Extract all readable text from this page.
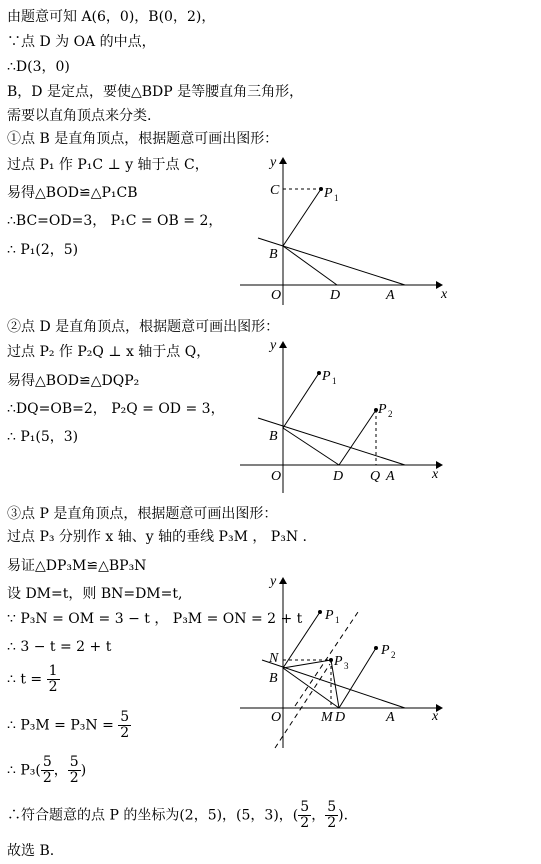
由题意可知 A(6，0)，B(0，2)，
∵点 D 为 OA 的中点，
∴D(3，0)
B，D 是定点，要使△BDP 是等腰直角三角形，
需要以直角顶点来分类.
①点 B 是直角顶点，根据题意可画出图形：
过点 P₁ 作 P₁C ⊥ y 轴于点 C，
易得△BOD≌△P₁CB
∴BC=OD=3， P₁C = OB = 2，
∴ P₁(2，5)
②点 D 是直角顶点，根据题意可画出图形：
过点 P₂ 作 P₂Q ⊥ x 轴于点 Q，
易得△BOD≌△DQP₂
∴DQ=OB=2， P₂Q = OD = 3，
∴ P₁(5，3)
③点 P 是直角顶点，根据题意可画出图形：
过点 P₃ 分别作 x 轴、y 轴的垂线 P₃M ， P₃N .
易证△DP₃M≌△BP₃N
设 DM=t，则 BN=DM=t,
∵ P₃N = OM = 3 − t ， P₃M = ON = 2 + t
∴ 3 − t = 2 + t
∴ $t = \frac{1}{2}$
∴ $P_3M = P_3N = \frac{5}{2}$
∴ $P_3( \frac{5}{2}$ ， $\frac{5}{2}$ )
∴符合题意的点 P 的坐标为(2，5)，(5，3)，( $\frac{5}{2}$ ， $\frac{5}{2}$ ).
故选 B.
x
y
O	D	A
B
C	P 1
x
y
O	D Q A
B
P 1
P 2
x
y
O	M D	A
N
B
P 1
P 2
P 3
